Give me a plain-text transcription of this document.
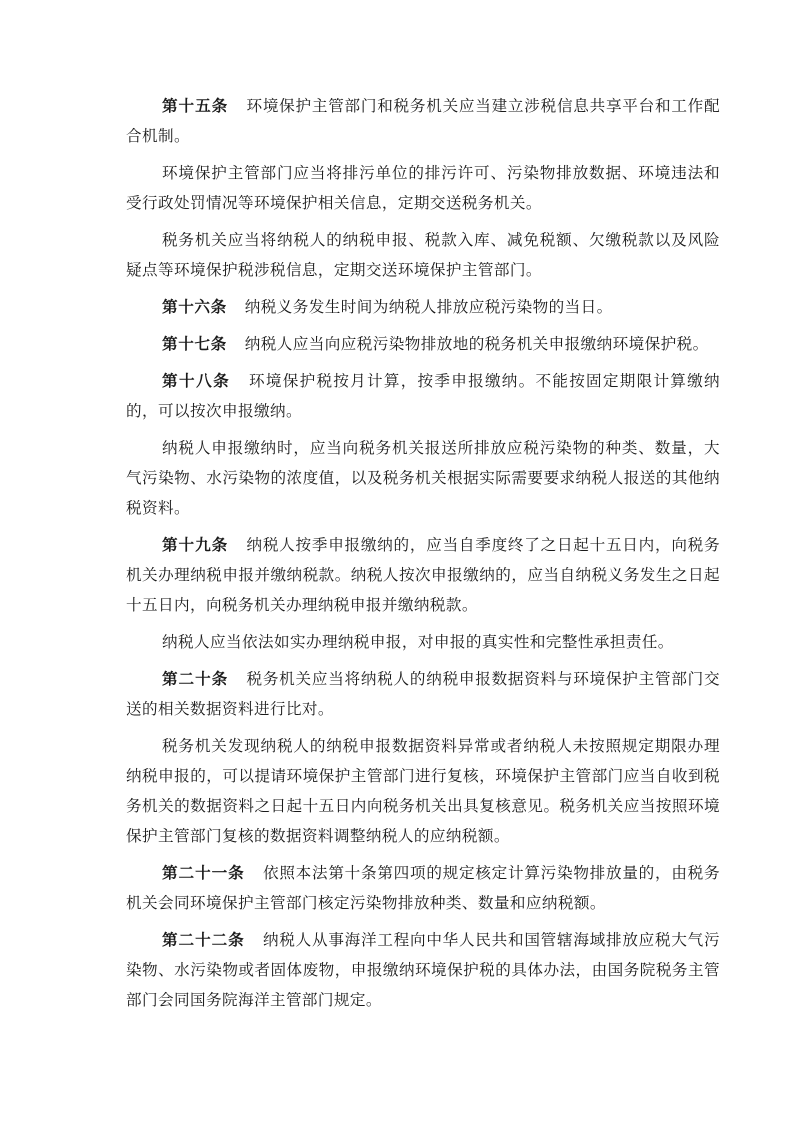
第十五条 环境保护主管部门和税务机关应当建立涉税信息共享平台和工作配合机制。

环境保护主管部门应当将排污单位的排污许可、污染物排放数据、环境违法和受行政处罚情况等环境保护相关信息，定期交送税务机关。

税务机关应当将纳税人的纳税申报、税款入库、减免税额、欠缴税款以及风险疑点等环境保护税涉税信息，定期交送环境保护主管部门。

第十六条 纳税义务发生时间为纳税人排放应税污染物的当日。

第十七条 纳税人应当向应税污染物排放地的税务机关申报缴纳环境保护税。

第十八条 环境保护税按月计算，按季申报缴纳。不能按固定期限计算缴纳的，可以按次申报缴纳。

纳税人申报缴纳时，应当向税务机关报送所排放应税污染物的种类、数量，大气污染物、水污染物的浓度值，以及税务机关根据实际需要要求纳税人报送的其他纳税资料。

第十九条 纳税人按季申报缴纳的，应当自季度终了之日起十五日内，向税务机关办理纳税申报并缴纳税款。纳税人按次申报缴纳的，应当自纳税义务发生之日起十五日内，向税务机关办理纳税申报并缴纳税款。

纳税人应当依法如实办理纳税申报，对申报的真实性和完整性承担责任。

第二十条 税务机关应当将纳税人的纳税申报数据资料与环境保护主管部门交送的相关数据资料进行比对。

税务机关发现纳税人的纳税申报数据资料异常或者纳税人未按照规定期限办理纳税申报的，可以提请环境保护主管部门进行复核，环境保护主管部门应当自收到税务机关的数据资料之日起十五日内向税务机关出具复核意见。税务机关应当按照环境保护主管部门复核的数据资料调整纳税人的应纳税额。

第二十一条 依照本法第十条第四项的规定核定计算污染物排放量的，由税务机关会同环境保护主管部门核定污染物排放种类、数量和应纳税额。

第二十二条 纳税人从事海洋工程向中华人民共和国管辖海域排放应税大气污染物、水污染物或者固体废物，申报缴纳环境保护税的具体办法，由国务院税务主管部门会同国务院海洋主管部门规定。
